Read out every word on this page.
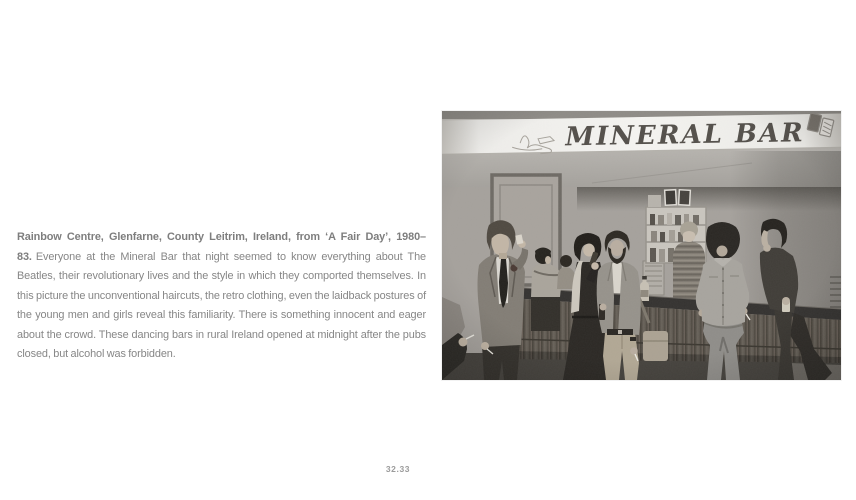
Rainbow Centre, Glenfarne, County Leitrim, Ireland, from ‘A Fair Day’, 1980–83. Everyone at the Mineral Bar that night seemed to know everything about The Beatles, their revolutionary lives and the style in which they comported themselves. In this picture the unconventional haircuts, the retro clothing, even the laidback postures of the young men and girls reveal this familiarity. There is something innocent and eager about the crowd. These dancing bars in rural Ireland opened at midnight after the pubs closed, but alcohol was forbidden.

32.33
